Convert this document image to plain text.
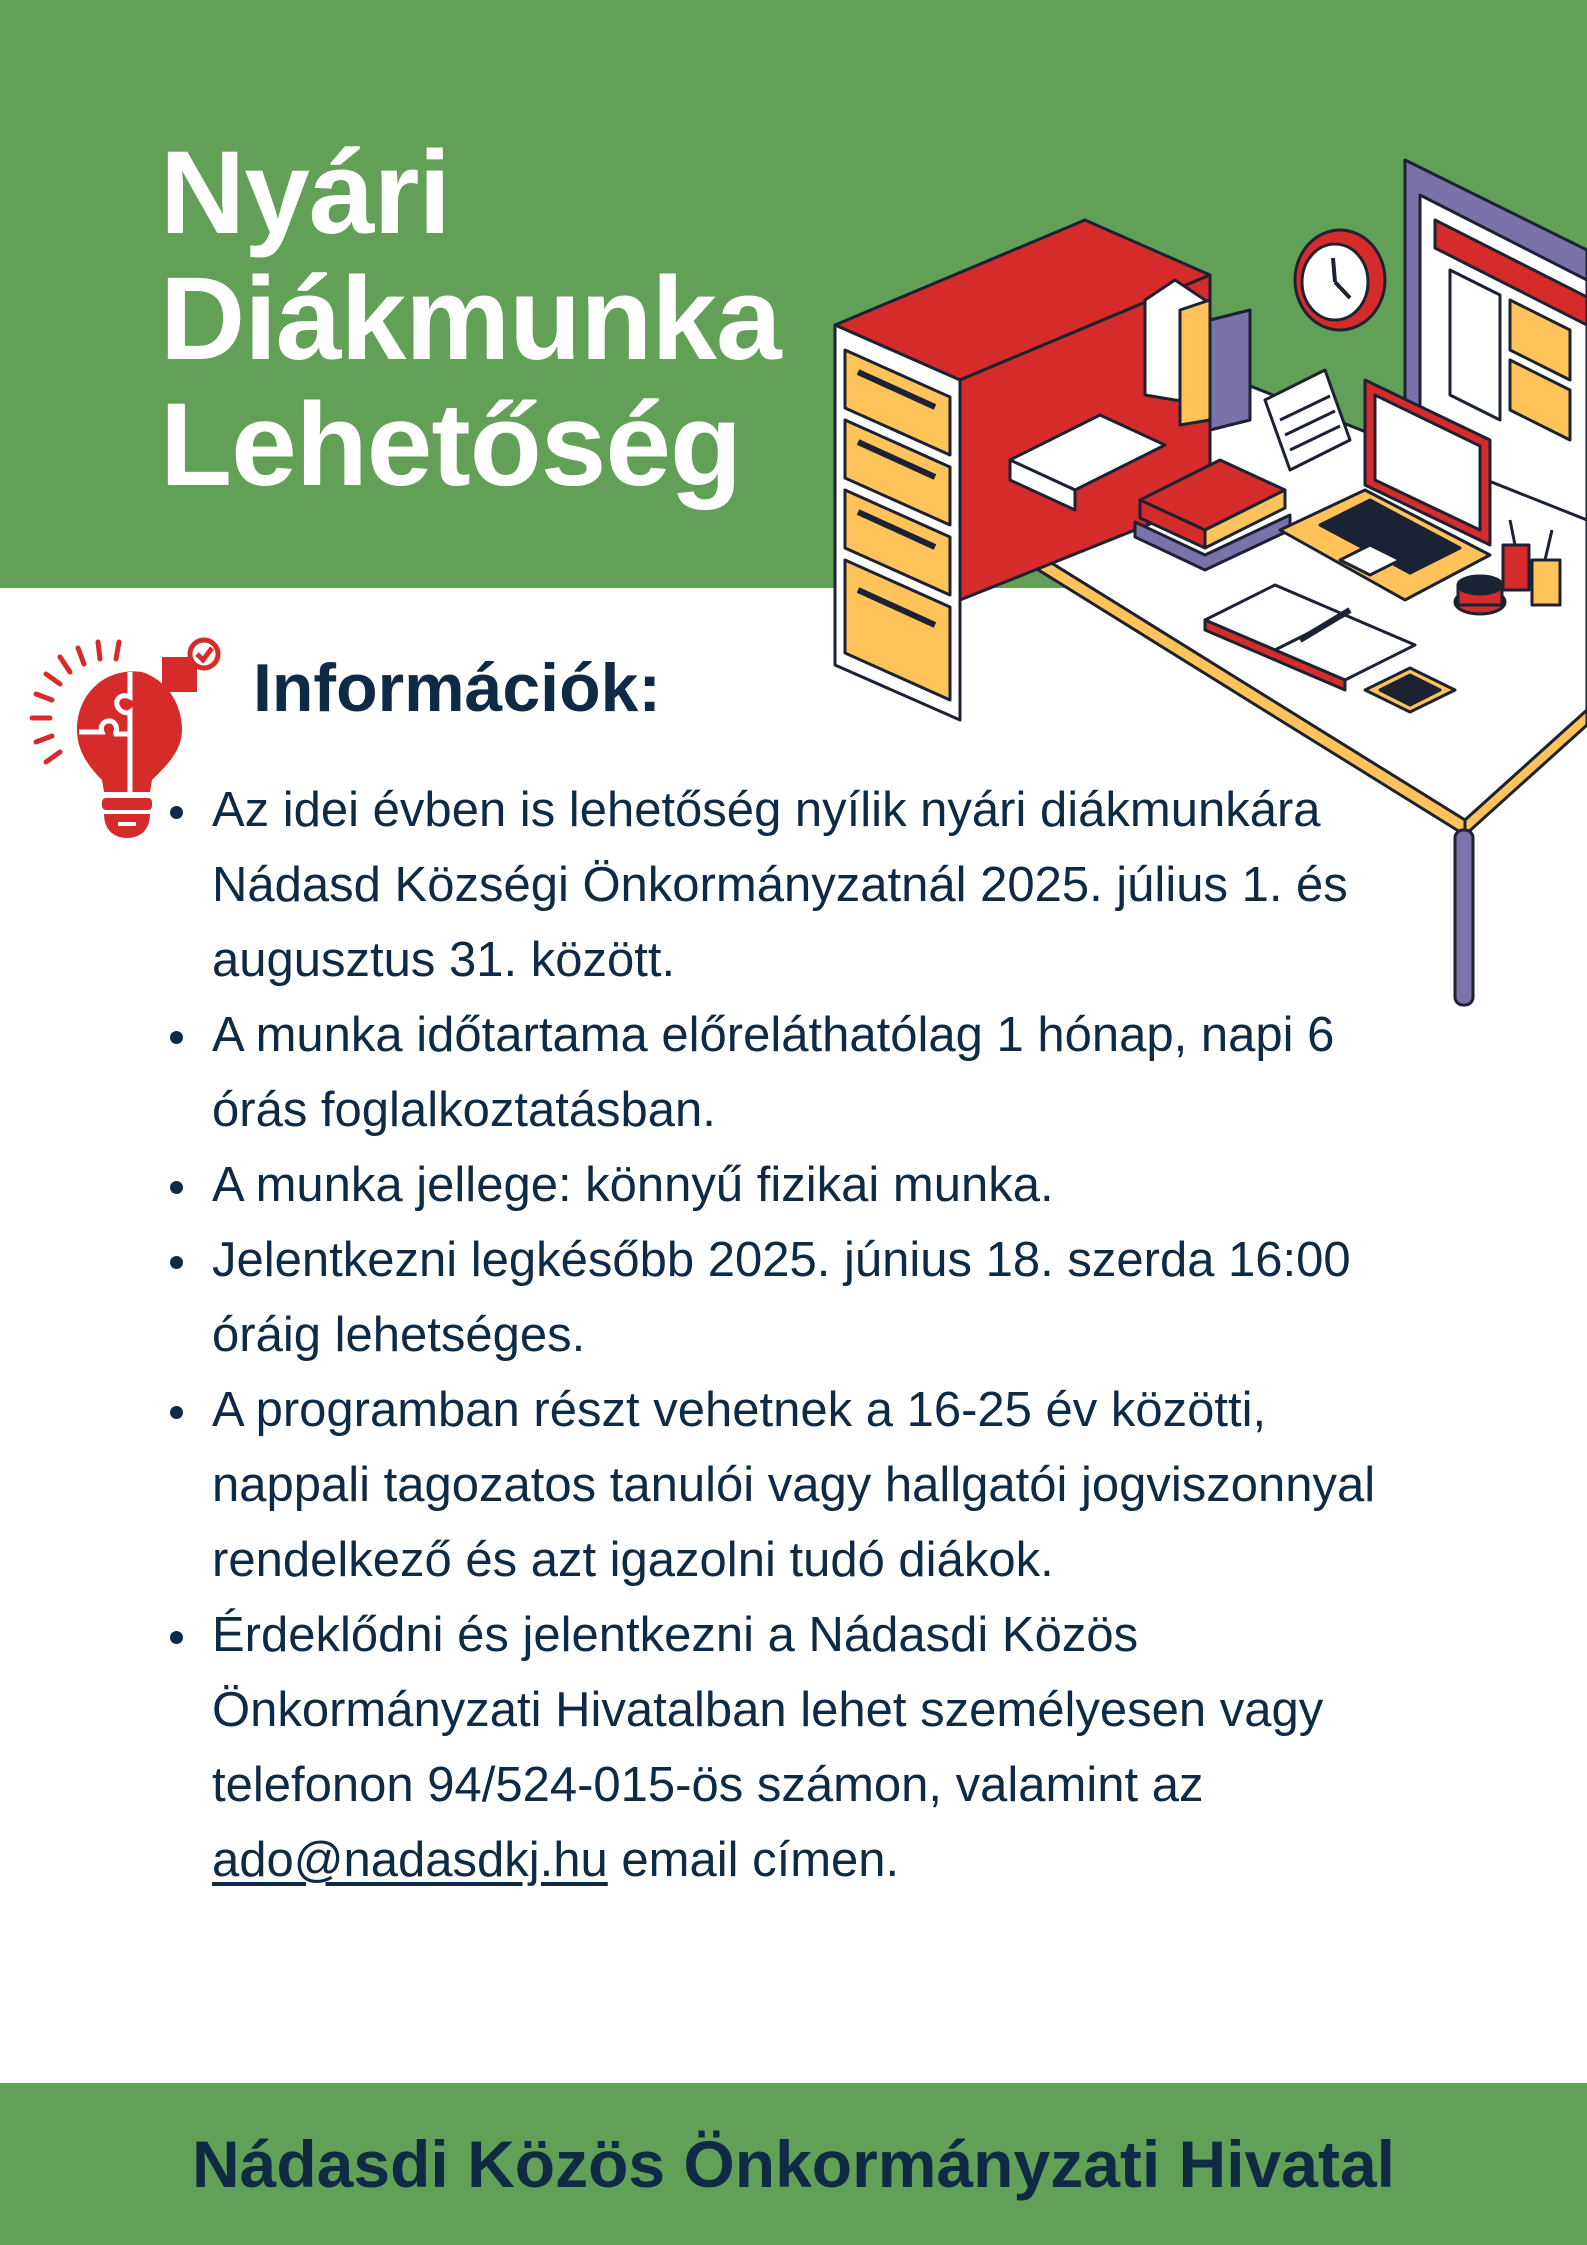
Nyári
Diákmunka
Lehetőség
Információk:
Az idei évben is lehetőség nyílik nyári diákmunkára Nádasd Községi Önkormányzatnál 2025. július 1. és augusztus 31. között.
A munka időtartama előreláthatólag 1 hónap, napi 6 órás foglalkoztatásban.
A munka jellege: könnyű fizikai munka.
Jelentkezni legkésőbb 2025. június 18. szerda 16:00 óráig lehetséges.
A programban részt vehetnek a 16-25 év közötti, nappali tagozatos tanulói vagy hallgatói jogviszonnyal rendelkező és azt igazolni tudó diákok.
Érdeklődni és jelentkezni a Nádasdi Közös Önkormányzati Hivatalban lehet személyesen vagy telefonon 94/524-015-ös számon, valamint az ado@nadasdkj.hu email címen.
Nádasdi Közös Önkormányzati Hivatal
